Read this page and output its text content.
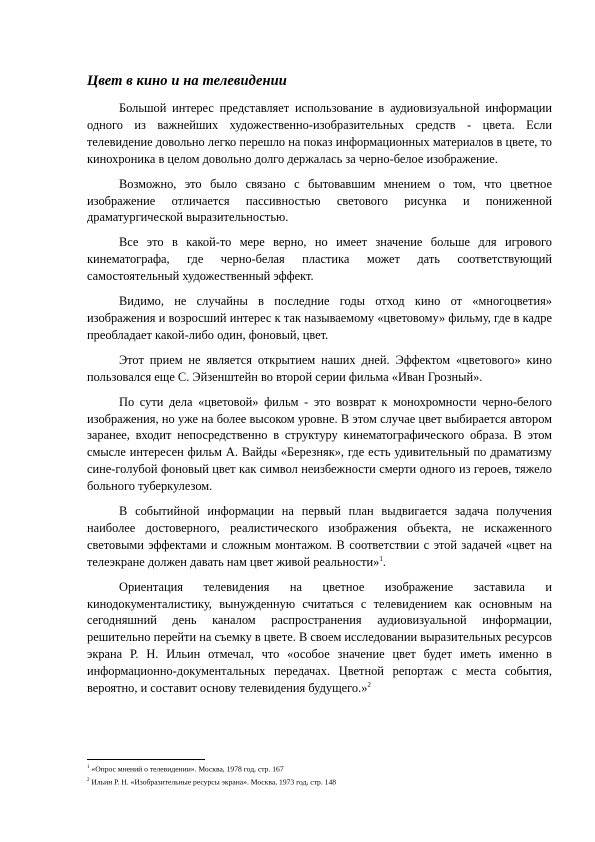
Цвет в кино и на телевидении

Большой интерес представляет использование в аудиовизуальной информации одного из важнейших художественно-изобразительных средств - цвета. Если телевидение довольно легко перешло на показ информационных материалов в цвете, то кинохроника в целом довольно долго держалась за черно-белое изображение.

Возможно, это было связано с бытовавшим мнением о том, что цветное изображение отличается пассивностью светового рисунка и пониженной драматургической выразительностью.

Все это в какой-то мере верно, но имеет значение больше для игрового кинематографа, где черно-белая пластика может дать соответствующий самостоятельный художественный эффект.

Видимо, не случайны в последние годы отход кино от «многоцветия» изображения и возросший интерес к так называемому «цветовому» фильму, где в кадре преобладает какой-либо один, фоновый, цвет.

Этот прием не является открытием наших дней. Эффектом «цветового» кино пользовался еще С. Эйзенштейн во второй серии фильма «Иван Грозный».

По сути дела «цветовой» фильм - это возврат к монохромности черно-белого изображения, но уже на более высоком уровне. В этом случае цвет выбирается автором заранее, входит непосредственно в структуру кинематографического образа. В этом смысле интересен фильм А. Вайды «Березняк», где есть удивительный по драматизму сине-голубой фоновый цвет как символ неизбежности смерти одного из героев, тяжело больного туберкулезом.

В событийной информации на первый план выдвигается задача получения наиболее достоверного, реалистического изображения объекта, не искаженного световыми эффектами и сложным монтажом. В соответствии с этой задачей «цвет на телеэкране должен давать нам цвет живой реальности»$^1$.

Ориентация телевидения на цветное изображение заставила и кинодокументалистику, вынужденную считаться с телевидением как основным на сегодняшний день каналом распространения аудиовизуальной информации, решительно перейти на съемку в цвете. В своем исследовании выразительных ресурсов экрана Р. Н. Ильин отмечал, что «особое значение цвет будет иметь именно в информационно-документальных передачах. Цветной репортаж с места события, вероятно, и составит основу телевидения будущего.»$^2$

$^1$ «Опрос мнений о телевидении». Москва, 1978 год, стр. 167
$^2$ Ильин Р. Н. «Изобразительные ресурсы экрана». Москва, 1973 год, стр. 148
